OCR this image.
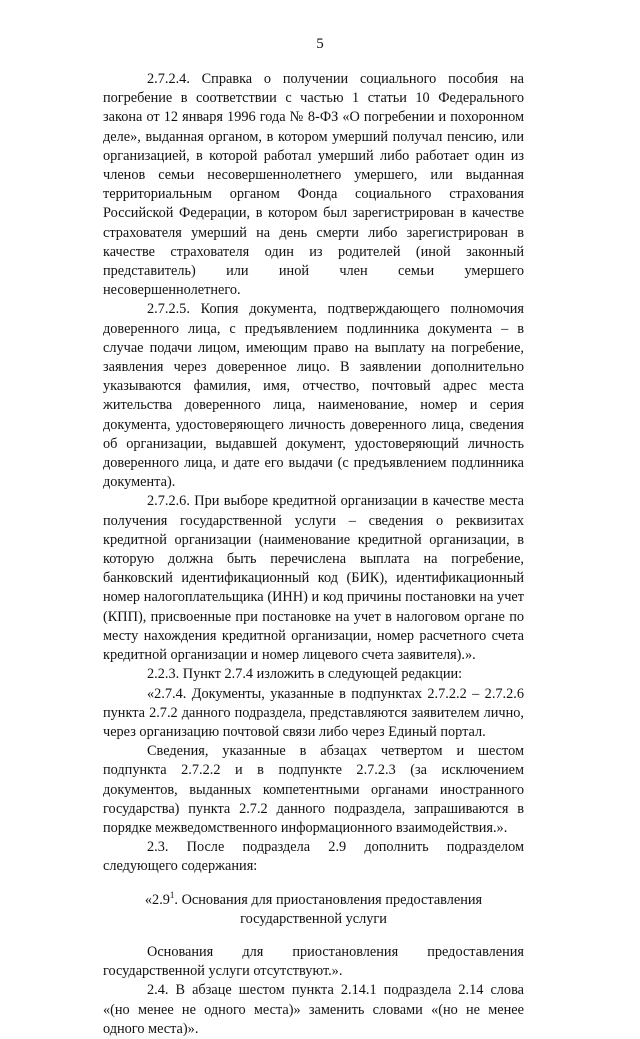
5

2.7.2.4. Справка о получении социального пособия на погребение в соответствии с частью 1 статьи 10 Федерального закона от 12 января 1996 года № 8-ФЗ «О погребении и похоронном деле», выданная органом, в котором умерший получал пенсию, или организацией, в которой работал умерший либо работает один из членов семьи несовершеннолетнего умершего, или выданная территориальным органом Фонда социального страхования Российской Федерации, в котором был зарегистрирован в качестве страхователя умерший на день смерти либо зарегистрирован в качестве страхователя один из родителей (иной законный представитель) или иной член семьи умершего несовершеннолетнего.

2.7.2.5. Копия документа, подтверждающего полномочия доверенного лица, с предъявлением подлинника документа – в случае подачи лицом, имеющим право на выплату на погребение, заявления через доверенное лицо. В заявлении дополнительно указываются фамилия, имя, отчество, почтовый адрес места жительства доверенного лица, наименование, номер и серия документа, удостоверяющего личность доверенного лица, сведения об организации, выдавшей документ, удостоверяющий личность доверенного лица, и дате его выдачи (с предъявлением подлинника документа).

2.7.2.6. При выборе кредитной организации в качестве места получения государственной услуги – сведения о реквизитах кредитной организации (наименование кредитной организации, в которую должна быть перечислена выплата на погребение, банковский идентификационный код (БИК), идентификационный номер налогоплательщика (ИНН) и код причины постановки на учет (КПП), присвоенные при постановке на учет в налоговом органе по месту нахождения кредитной организации, номер расчетного счета кредитной организации и номер лицевого счета заявителя).».

2.2.3. Пункт 2.7.4 изложить в следующей редакции:

«2.7.4. Документы, указанные в подпунктах 2.7.2.2 – 2.7.2.6 пункта 2.7.2 данного подраздела, представляются заявителем лично, через организацию почтовой связи либо через Единый портал.

Сведения, указанные в абзацах четвертом и шестом подпункта 2.7.2.2 и в подпункте 2.7.2.3 (за исключением документов, выданных компетентными органами иностранного государства) пункта 2.7.2 данного подраздела, запрашиваются в порядке межведомственного информационного взаимодействия.».

2.3. После подраздела 2.9 дополнить подразделом следующего содержания:

«$2.9^1$. Основания для приостановления предоставления
государственной услуги

Основания для приостановления предоставления государственной услуги отсутствуют.».

2.4. В абзаце шестом пункта 2.14.1 подраздела 2.14 слова «(но менее не одного места)» заменить словами «(но не менее одного места)».
